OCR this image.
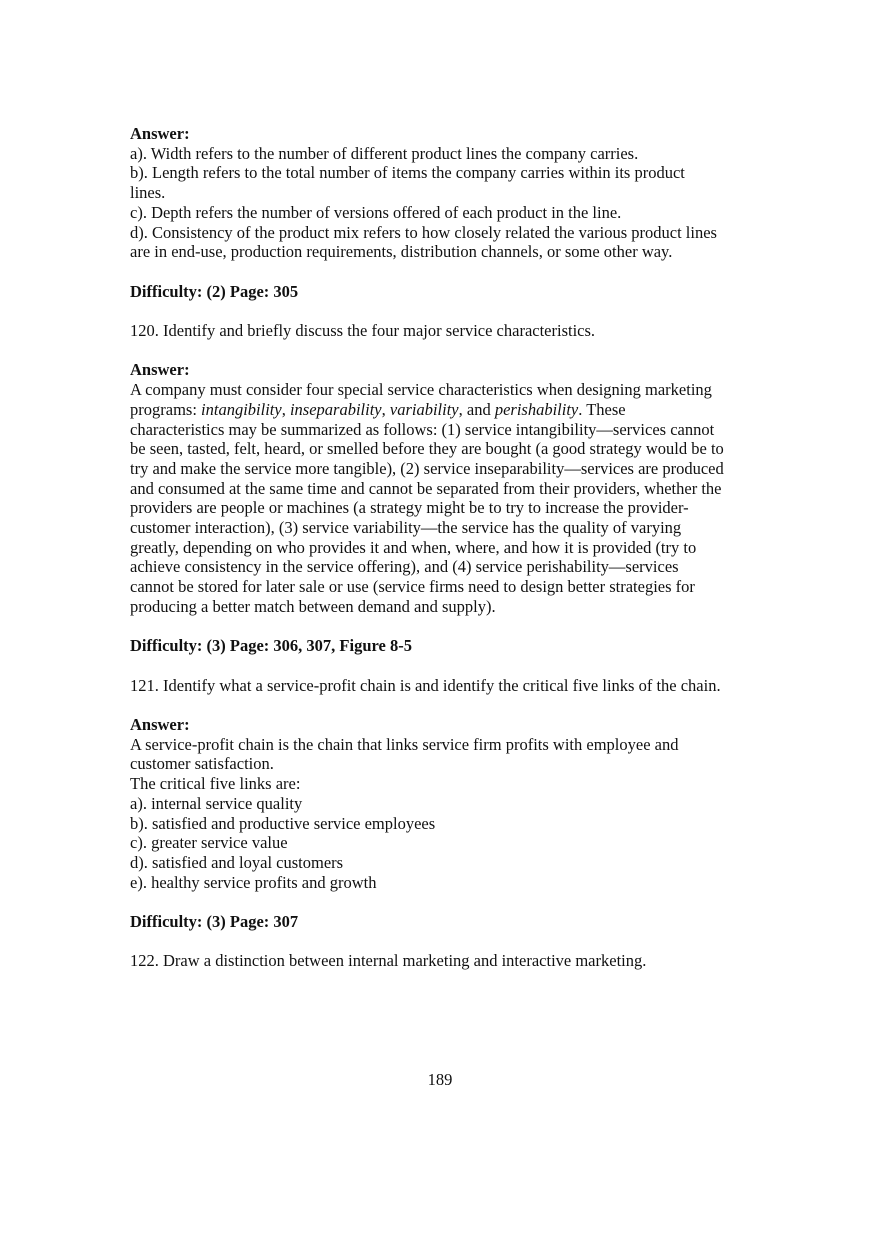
Answer:
a). Width refers to the number of different product lines the company carries.
b). Length refers to the total number of items the company carries within its product
lines.
c). Depth refers the number of versions offered of each product in the line.
d). Consistency of the product mix refers to how closely related the various product lines
are in end-use, production requirements, distribution channels, or some other way.
Difficulty: (2) Page: 305
120. Identify and briefly discuss the four major service characteristics.
Answer:
A company must consider four special service characteristics when designing marketing
programs: intangibility, inseparability, variability, and perishability. These
characteristics may be summarized as follows: (1) service intangibility—services cannot
be seen, tasted, felt, heard, or smelled before they are bought (a good strategy would be to
try and make the service more tangible), (2) service inseparability—services are produced
and consumed at the same time and cannot be separated from their providers, whether the
providers are people or machines (a strategy might be to try to increase the provider-
customer interaction), (3) service variability—the service has the quality of varying
greatly, depending on who provides it and when, where, and how it is provided (try to
achieve consistency in the service offering), and (4) service perishability—services
cannot be stored for later sale or use (service firms need to design better strategies for
producing a better match between demand and supply).
Difficulty: (3) Page: 306, 307, Figure 8-5
121. Identify what a service-profit chain is and identify the critical five links of the chain.
Answer:
A service-profit chain is the chain that links service firm profits with employee and
customer satisfaction.
The critical five links are:
a). internal service quality
b). satisfied and productive service employees
c). greater service value
d). satisfied and loyal customers
e). healthy service profits and growth
Difficulty: (3) Page: 307
122. Draw a distinction between internal marketing and interactive marketing.
189
